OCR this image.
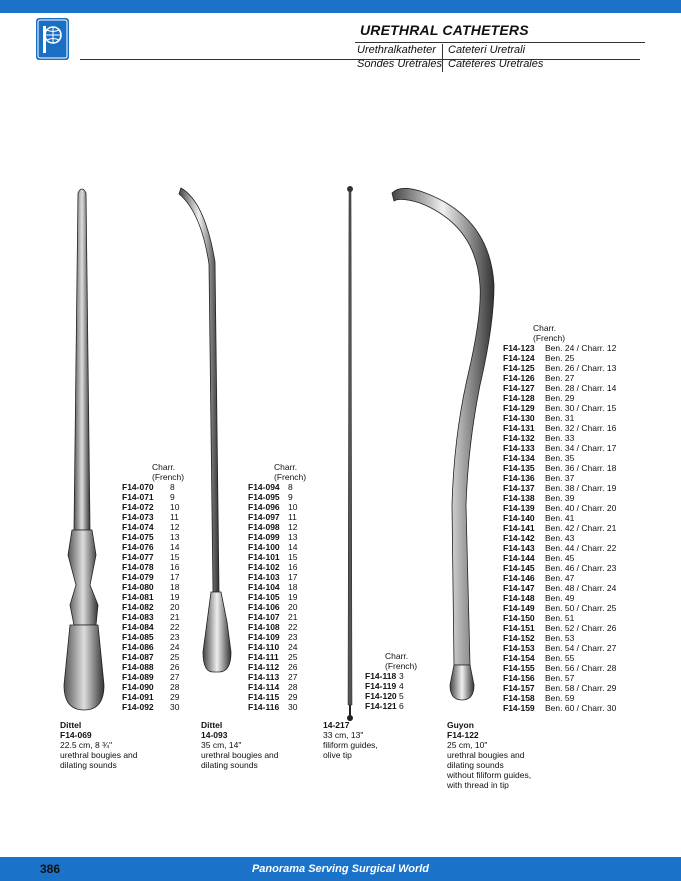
URETHRAL CATHETERS
Urethralkatheter Cateteri Uretrali
Sondes Urétrales Catéteres Uretrales
Charr.
(French)
F14-070 8
F14-071 9
F14-072 10
F14-073 11
F14-074 12
F14-075 13
F14-076 14
F14-077 15
F14-078 16
F14-079 17
F14-080 18
F14-081 19
F14-082 20
F14-083 21
F14-084 22
F14-085 23
F14-086 24
F14-087 25
F14-088 26
F14-089 27
F14-090 28
F14-091 29
F14-092 30
Charr.
(French)
F14-094 8
F14-095 9
F14-096 10
F14-097 11
F14-098 12
F14-099 13
F14-100 14
F14-101 15
F14-102 16
F14-103 17
F14-104 18
F14-105 19
F14-106 20
F14-107 21
F14-108 22
F14-109 23
F14-110 24
F14-111 25
F14-112 26
F14-113 27
F14-114 28
F14-115 29
F14-116 30
Charr.
(French)
F14-118 3
F14-119 4
F14-120 5
F14-121 6
Charr.
(French)
F14-123 Ben. 24 / Charr. 12
F14-124 Ben. 25
F14-125 Ben. 26 / Charr. 13
F14-126 Ben. 27
F14-127 Ben. 28 / Charr. 14
F14-128 Ben. 29
F14-129 Ben. 30 / Charr. 15
F14-130 Ben. 31
F14-131 Ben. 32 / Charr. 16
F14-132 Ben. 33
F14-133 Ben. 34 / Charr. 17
F14-134 Ben. 35
F14-135 Ben. 36 / Charr. 18
F14-136 Ben. 37
F14-137 Ben. 38 / Charr. 19
F14-138 Ben. 39
F14-139 Ben. 40 / Charr. 20
F14-140 Ben. 41
F14-141 Ben. 42 / Charr. 21
F14-142 Ben. 43
F14-143 Ben. 44 / Charr. 22
F14-144 Ben. 45
F14-145 Ben. 46 / Charr. 23
F14-146 Ben. 47
F14-147 Ben. 48 / Charr. 24
F14-148 Ben. 49
F14-149 Ben. 50 / Charr. 25
F14-150 Ben. 51
F14-151 Ben. 52 / Charr. 26
F14-152 Ben. 53
F14-153 Ben. 54 / Charr. 27
F14-154 Ben. 55
F14-155 Ben. 56 / Charr. 28
F14-156 Ben. 57
F14-157 Ben. 58 / Charr. 29
F14-158 Ben. 59
F14-159 Ben. 60 / Charr. 30
Dittel
F14-069
22.5 cm, 8 ¾"
urethral bougies and
dilating sounds
Dittel
14-093
35 cm, 14"
urethral bougies and
dilating sounds
14-217
33 cm, 13"
filiform guides,
olive tip
Guyon
F14-122
25 cm, 10"
urethral bougies and
dilating sounds
without filiform guides,
with thread in tip
386	Panorama Serving Surgical World
